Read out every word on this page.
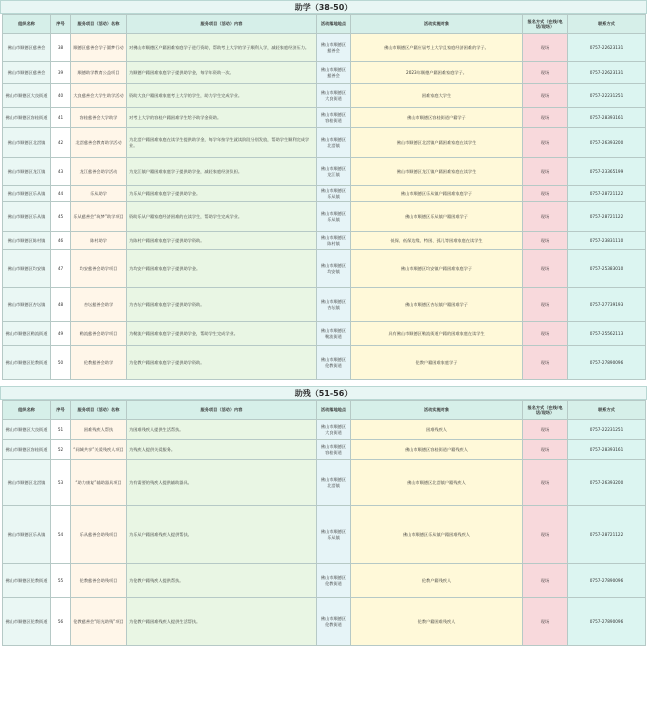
助学（38-50）
组织名称	序号	服务项目（活动）名称	服务项目（活动）内容	活动落地地点	活动实施对象	报名方式（在线/电话/现场）	联系方式
佛山市顺德区慈善会	38	顺德区慈善会学子圆梦行动	对佛山市顺德区户籍困难家庭学子进行资助，帮助考上大学的学子顺利入学，减轻家庭经济压力。	佛山市顺德区慈善会	佛山市顺德区户籍应届考上大学且家庭经济困难的学子。	现场	0757-22623131
佛山市顺德区慈善会	39	顺德助学教育公益项目	为顺德户籍困难家庭学子提供助学金，每学年资助一次。	佛山市顺德区慈善会	2023年顺德户籍困难家庭学子。	现场	0757-22623131
佛山市顺德区大良街道	40	大良慈善会大学生助学活动	资助大良户籍困难家庭考上大学的学生，助力学生完成学业。	佛山市顺德区大良街道	困难家庭大学生	现场	0757-22231251
佛山市顺德区容桂街道	41	容桂慈善会大学助学	对考上大学的容桂户籍困难学生给予助学金资助。	佛山市顺德区容桂街道	佛山市顺德区容桂街道户籍学子	现场	0757-28393161
佛山市顺德区北滘镇	42	北滘慈善会教育助学活动	为北滘户籍困难家庭在读学生提供助学金，每学年按学生就读阶段分别发放，帮助学生顺利完成学业。	佛山市顺德区北滘镇	佛山市顺德区北滘镇户籍困难家庭在读学生	现场	0757-26393200
佛山市顺德区龙江镇	43	龙江慈善会助学活动	为龙江镇户籍困难家庭学子提供助学金，减轻家庭经济负担。	佛山市顺德区龙江镇	佛山市顺德区龙江镇户籍困难家庭在读学生	现场	0757-23365199
佛山市顺德区乐从镇	44	乐从助学	为乐从户籍困难家庭学子提供助学金。	佛山市顺德区乐从镇	佛山市顺德区乐从镇户籍困难家庭学子	现场	0757-28721122
佛山市顺德区乐从镇	45	乐从慈善会“筑梦”助学项目	资助乐从户籍家庭经济困难的在读学生，帮助学生完成学业。	佛山市顺德区乐从镇	佛山市顺德区乐从镇户籍困难学子	现场	0757-28721122
佛山市顺德区陈村镇	46	陈村助学	为陈村户籍困难家庭学子提供助学资助。	佛山市顺德区陈村镇	低保、低保边缘、特困、孤儿等困难家庭在读学生	现场	0757-23831110
佛山市顺德区均安镇	47	均安慈善会助学项目	为均安户籍困难家庭学子提供助学金。	佛山市顺德区均安镇	佛山市顺德区均安镇户籍困难家庭学子	现场	0757-25383010
佛山市顺德区杏坛镇	48	杏坛慈善会助学	为杏坛户籍困难家庭学子提供助学资助。	佛山市顺德区杏坛镇	佛山市顺德区杏坛镇户籍困难学子	现场	0757-27739193
佛山市顺德区勒流街道	49	勒流慈善会助学项目	为勒流户籍困难家庭学子提供助学金，帮助学生完成学业。	佛山市顺德区勒流街道	具有佛山市顺德区勒流街道户籍的困难家庭在读学生	现场	0757-25562113
佛山市顺德区伦教街道	50	伦教慈善会助学	为伦教户籍困难家庭学子提供助学资助。	佛山市顺德区伦教街道	伦教户籍困难家庭学子	现场	0757-27890096
助残（51-56）
组织名称	序号	服务项目（活动）名称	服务项目（活动）内容	活动落地地点	活动实施对象	报名方式（在线/电话/现场）	联系方式
佛山市顺德区大良街道	51	困难残疾人帮扶	为困难残疾人提供生活帮扶。	佛山市顺德区大良街道	困难残疾人	现场	0757-22231251
佛山市顺德区容桂街道	52	“同城共享”关爱残疾人项目	为残疾人提供关爱服务。	佛山市顺德区容桂街道	佛山市顺德区容桂街道户籍残疾人	现场	0757-28393161
佛山市顺德区北滘镇	53	“助力康复”辅助器具项目	为有需要的残疾人提供辅助器具。	佛山市顺德区北滘镇	佛山市顺德区北滘镇户籍残疾人	现场	0757-26393200
佛山市顺德区乐从镇	54	乐从慈善会助残项目	为乐从户籍困难残疾人提供帮扶。	佛山市顺德区乐从镇	佛山市顺德区乐从镇户籍困难残疾人	现场	0757-28721122
佛山市顺德区伦教街道	55	伦教慈善会助残项目	为伦教户籍残疾人提供帮扶。	佛山市顺德区伦教街道	伦教户籍残疾人	现场	0757-27890096
佛山市顺德区伦教街道	56	伦教慈善会“阳光助残”项目	为伦教户籍困难残疾人提供生活帮扶。	佛山市顺德区伦教街道	伦教户籍困难残疾人	现场	0757-27890096
